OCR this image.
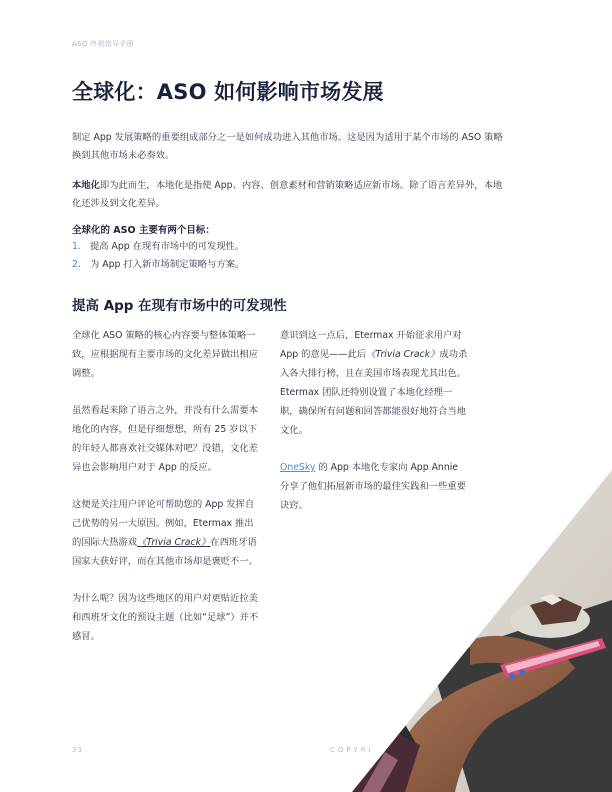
ASO 终极指导手册
全球化：ASO 如何影响市场发展

制定 App 发展策略的重要组成部分之一是如何成功进入其他市场。这是因为适用于某个市场的 ASO 策略换到其他市场未必奏效。

本地化即为此而生，本地化是指使 App、内容、创意素材和营销策略适应新市场。除了语言差异外，本地化还涉及到文化差异。

全球化的 ASO 主要有两个目标：
1. 提高 App 在现有市场中的可发现性。
2. 为 App 打入新市场制定策略与方案。
提高 App 在现有市场中的可发现性

全球化 ASO 策略的核心内容要与整体策略一致，应根据现有主要市场的文化差异做出相应调整。

虽然看起来除了语言之外，并没有什么需要本地化的内容，但是仔细想想，所有 25 岁以下的年轻人都喜欢社交媒体对吧？没错，文化差异也会影响用户对于 App 的反应。

这便是关注用户评论可帮助您的 App 发挥自己优势的另一大原因。例如，Etermax 推出的国际大热游戏《Trivia Crack》在西班牙语国家大获好评，而在其他市场却是褒贬不一。

为什么呢？因为这些地区的用户对更贴近拉美和西班牙文化的预设主题（比如“足球”）并不感冒。

意识到这一点后，Etermax 开始征求用户对 App 的意见——此后《Trivia Crack》成功杀入各大排行榜，且在美国市场表现尤其出色。Etermax 团队还特别设置了本地化经理一职，确保所有问题和回答都能很好地符合当地文化。

OneSky 的 App 本地化专家向 App Annie 分享了他们拓展新市场的最佳实践和一些重要诀窍。

33	COPYRI
